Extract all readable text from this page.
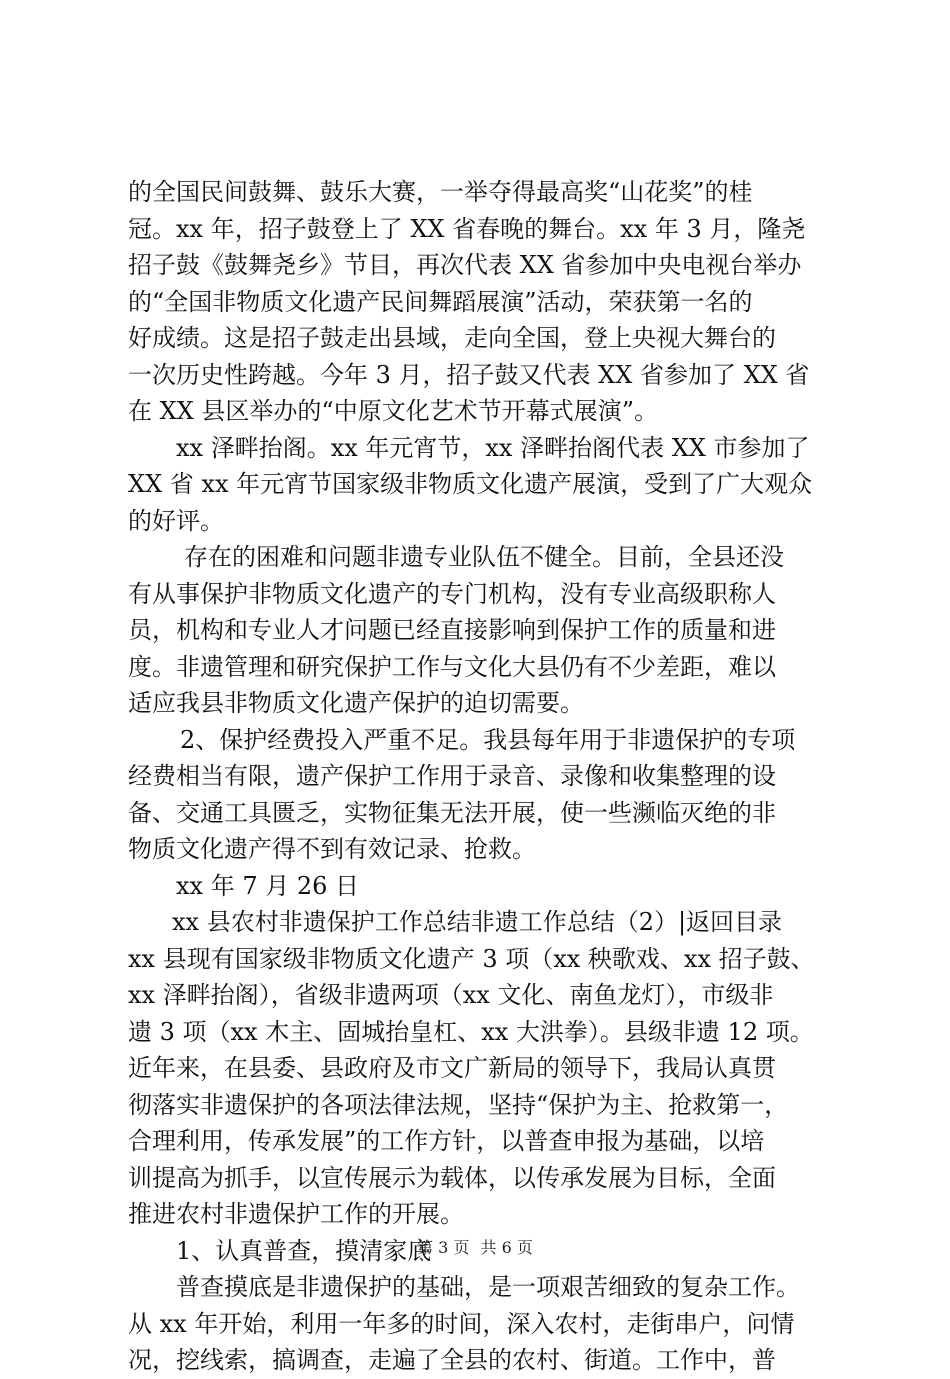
的全国民间鼓舞、鼓乐大赛，一举夺得最高奖“山花奖”的桂
冠。xx 年，招子鼓登上了 XX 省春晚的舞台。xx 年 3 月，隆尧
招子鼓《鼓舞尧乡》节目，再次代表 XX 省参加中央电视台举办
的“全国非物质文化遗产民间舞蹈展演”活动，荣获第一名的
好成绩。这是招子鼓走出县域，走向全国，登上央视大舞台的
一次历史性跨越。今年 3 月，招子鼓又代表 XX 省参加了 XX 省
在 XX 县区举办的“中原文化艺术节开幕式展演”。
xx 泽畔抬阁。xx 年元宵节，xx 泽畔抬阁代表 XX 市参加了
XX 省 xx 年元宵节国家级非物质文化遗产展演，受到了广大观众
的好评。
存在的困难和问题非遗专业队伍不健全。目前，全县还没
有从事保护非物质文化遗产的专门机构，没有专业高级职称人
员，机构和专业人才问题已经直接影响到保护工作的质量和进
度。非遗管理和研究保护工作与文化大县仍有不少差距，难以
适应我县非物质文化遗产保护的迫切需要。
2、保护经费投入严重不足。我县每年用于非遗保护的专项
经费相当有限，遗产保护工作用于录音、录像和收集整理的设
备、交通工具匮乏，实物征集无法开展，使一些濒临灭绝的非
物质文化遗产得不到有效记录、抢救。
xx 年 7 月 26 日
xx 县农村非遗保护工作总结非遗工作总结（2）|返回目录
xx 县现有国家级非物质文化遗产 3 项（xx 秧歌戏、xx 招子鼓、
xx 泽畔抬阁），省级非遗两项（xx 文化、南鱼龙灯），市级非
遗 3 项（xx 木主、固城抬皇杠、xx 大洪拳）。县级非遗 12 项。
近年来，在县委、县政府及市文广新局的领导下，我局认真贯
彻落实非遗保护的各项法律法规，坚持“保护为主、抢救第一，
合理利用，传承发展”的工作方针，以普查申报为基础，以培
训提高为抓手，以宣传展示为载体，以传承发展为目标，全面
推进农村非遗保护工作的开展。
1、认真普查，摸清家底
普查摸底是非遗保护的基础，是一项艰苦细致的复杂工作。
从 xx 年开始，利用一年多的时间，深入农村，走街串户，问情
况，挖线索，搞调查，走遍了全县的农村、街道。工作中，普
第 3 页 共 6 页
